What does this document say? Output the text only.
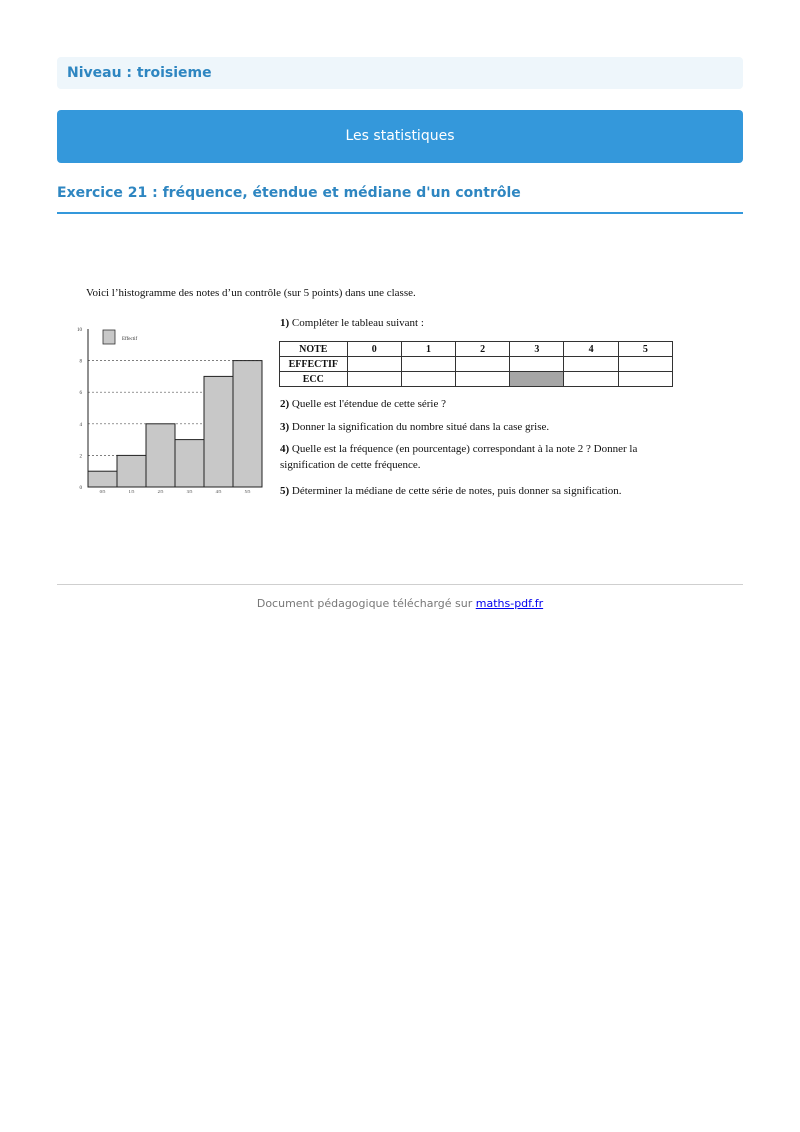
Niveau : troisieme
Les statistiques
Exercice 21 : fréquence, étendue et médiane d'un contrôle
Voici l’histogramme des notes d’un contrôle (sur 5 points) dans une classe.
0
2
4
6
8
10
0/5	1/5	2/5	3/5	4/5	5/5
Effectif
1) Compléter le tableau suivant :
NOTE	0	1	2	3	4	5
EFFECTIF						
ECC						
2) Quelle est l'étendue de cette série ?
3) Donner la signification du nombre situé dans la case grise.
4) Quelle est la fréquence (en pourcentage) correspondant à la note 2 ? Donner la signification de cette fréquence.
5) Déterminer la médiane de cette série de notes, puis donner sa signification.
Document pédagogique téléchargé sur maths-pdf.fr
